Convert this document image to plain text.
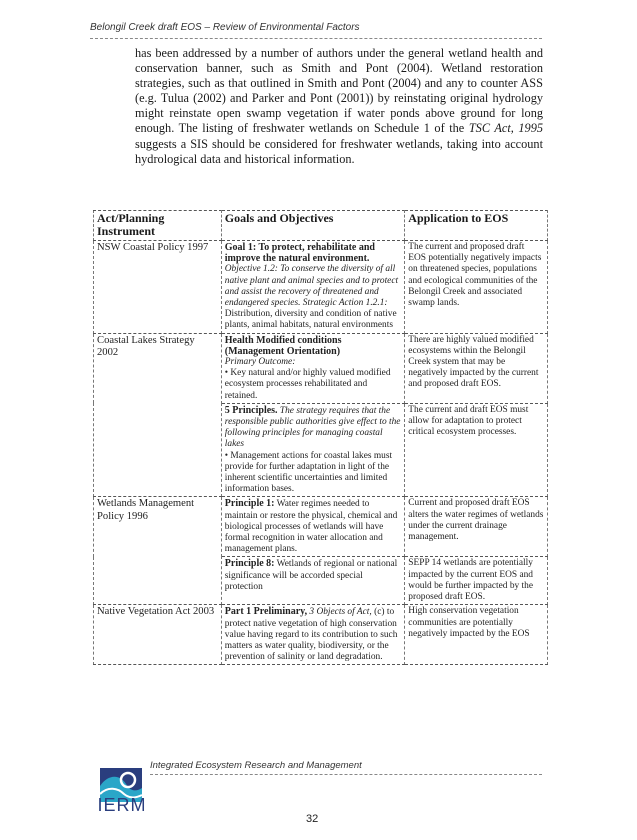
Belongil Creek draft EOS – Review of Environmental Factors

has been addressed by a number of authors under the general wetland health and conservation banner, such as Smith and Pont (2004). Wetland restoration strategies, such as that outlined in Smith and Pont (2004) and any to counter ASS (e.g. Tulua (2002) and Parker and Pont (2001)) by reinstating original hydrology might reinstate open swamp vegetation if water ponds above ground for long enough. The listing of freshwater wetlands on Schedule 1 of the TSC Act, 1995 suggests a SIS should be considered for freshwater wetlands, taking into account hydrological data and historical information.

Act/Planning Instrument	Goals and Objectives	Application to EOS
NSW Coastal Policy 1997	Goal 1: To protect, rehabilitate and improve the natural environment.
Objective 1.2: To conserve the diversity of all native plant and animal species and to protect and assist the recovery of threatened and endangered species. Strategic Action 1.2.1: Distribution, diversity and condition of native plants, animal habitats, natural environments	The current and proposed draft EOS potentially negatively impacts on threatened species, populations and ecological communities of the Belongil Creek and associated swamp lands.
Coastal Lakes Strategy 2002	Health Modified conditions (Management Orientation)
Primary Outcome:
• Key natural and/or highly valued modified ecosystem processes rehabilitated and retained.	There are highly valued modified ecosystems within the Belongil Creek system that may be negatively impacted by the current and proposed draft EOS.
	5 Principles. The strategy requires that the responsible public authorities give effect to the following principles for managing coastal lakes
• Management actions for coastal lakes must provide for further adaptation in light of the inherent scientific uncertainties and limited information bases.	The current and draft EOS must allow for adaptation to protect critical ecosystem processes.
Wetlands Management Policy 1996	Principle 1: Water regimes needed to maintain or restore the physical, chemical and biological processes of wetlands will have formal recognition in water allocation and management plans.	Current and proposed draft EOS alters the water regimes of wetlands under the current drainage management.
	Principle 8: Wetlands of regional or national significance will be accorded special protection	SEPP 14 wetlands are potentially impacted by the current EOS and would be further impacted by the proposed draft EOS.
Native Vegetation Act 2003	Part 1 Preliminary, 3 Objects of Act, (c) to protect native vegetation of high conservation value having regard to its contribution to such matters as water quality, biodiversity, or the prevention of salinity or land degradation.	High conservation vegetation communities are potentially negatively impacted by the EOS
IERM
Integrated Ecosystem Research and Management
32
